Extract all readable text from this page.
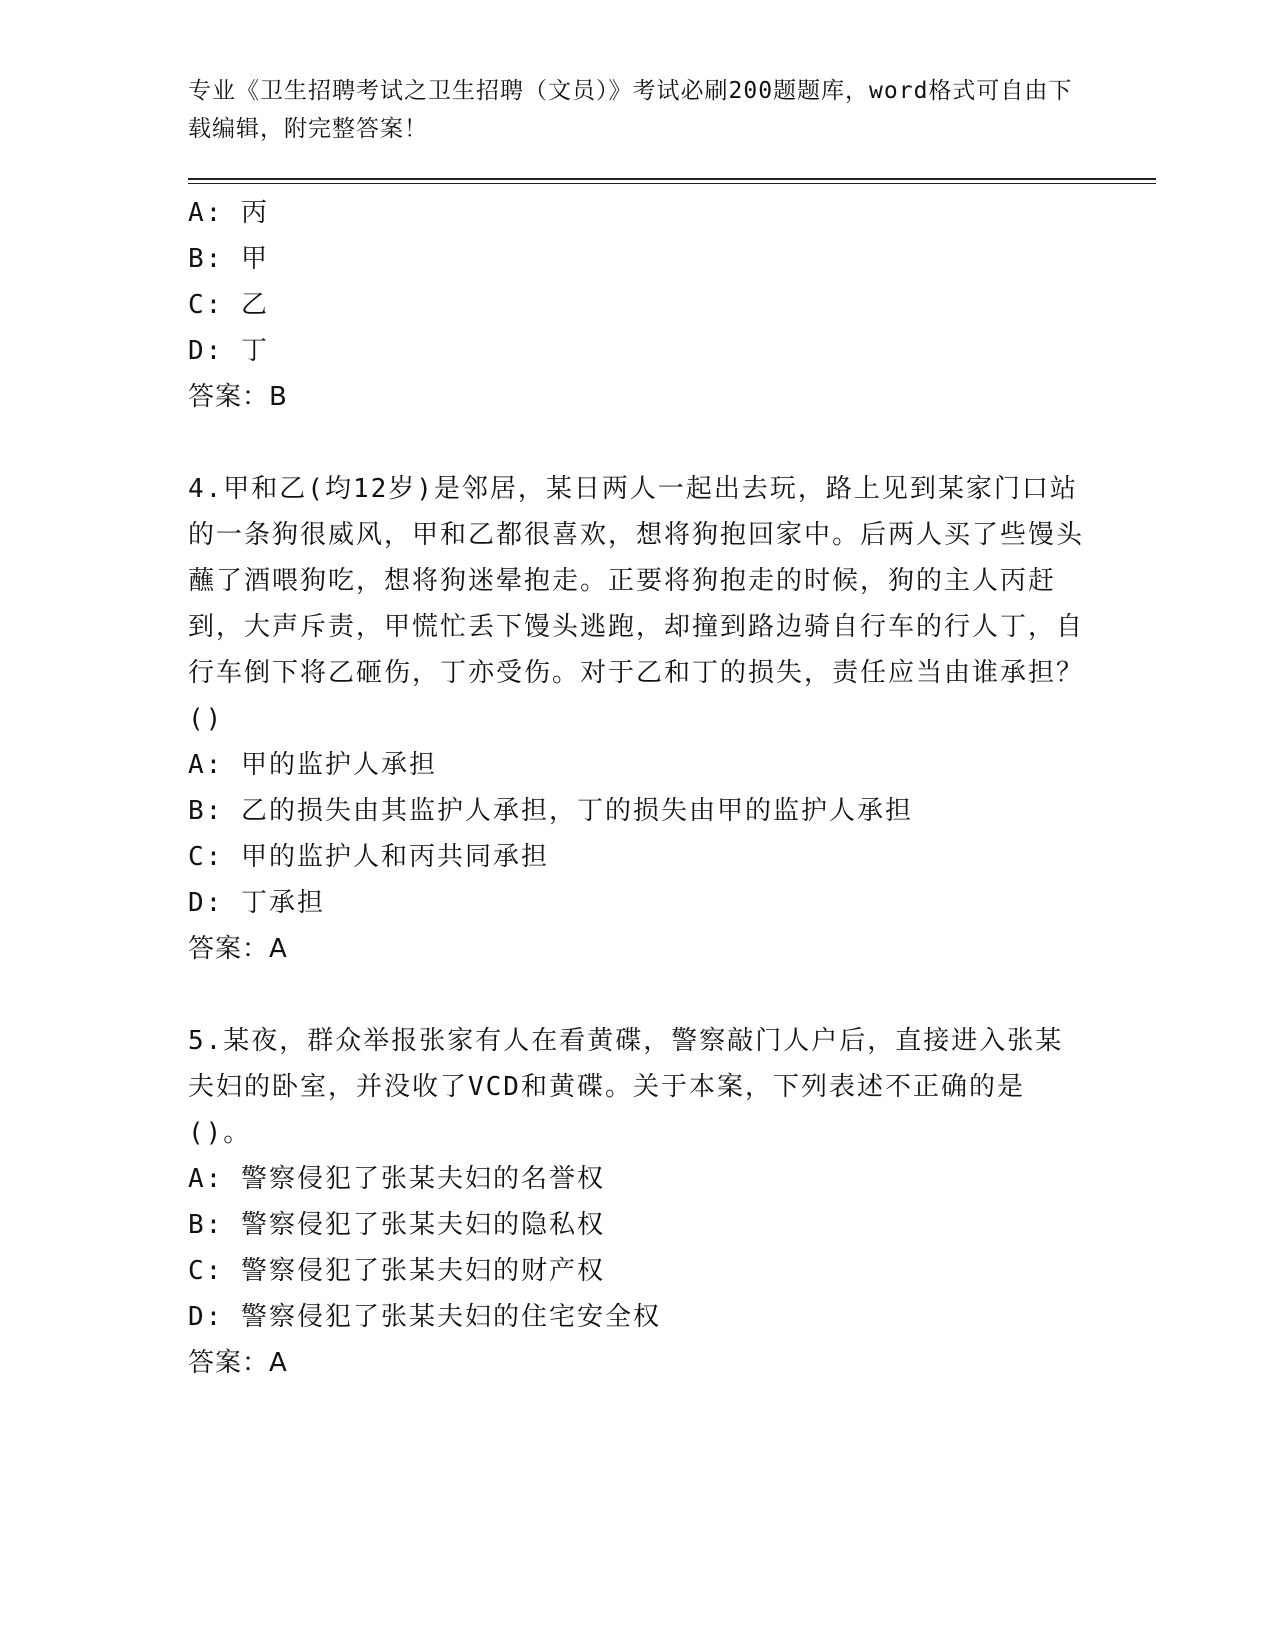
专业《卫生招聘考试之卫生招聘（文员）》考试必刷200题题库，word格式可自由下载编辑，附完整答案！
A: 丙
B: 甲
C: 乙
D: 丁
答案：B
4.甲和乙(均12岁)是邻居，某日两人一起出去玩，路上见到某家门口站的一条狗很威风，甲和乙都很喜欢，想将狗抱回家中。后两人买了些馒头蘸了酒喂狗吃，想将狗迷晕抱走。正要将狗抱走的时候，狗的主人丙赶到，大声斥责，甲慌忙丢下馒头逃跑，却撞到路边骑自行车的行人丁，自行车倒下将乙砸伤，丁亦受伤。对于乙和丁的损失，责任应当由谁承担？()
A: 甲的监护人承担
B: 乙的损失由其监护人承担，丁的损失由甲的监护人承担
C: 甲的监护人和丙共同承担
D: 丁承担
答案：A
5.某夜，群众举报张家有人在看黄碟，警察敲门人户后，直接进入张某夫妇的卧室，并没收了VCD和黄碟。关于本案，下列表述不正确的是()。
A: 警察侵犯了张某夫妇的名誉权
B: 警察侵犯了张某夫妇的隐私权
C: 警察侵犯了张某夫妇的财产权
D: 警察侵犯了张某夫妇的住宅安全权
答案：A
